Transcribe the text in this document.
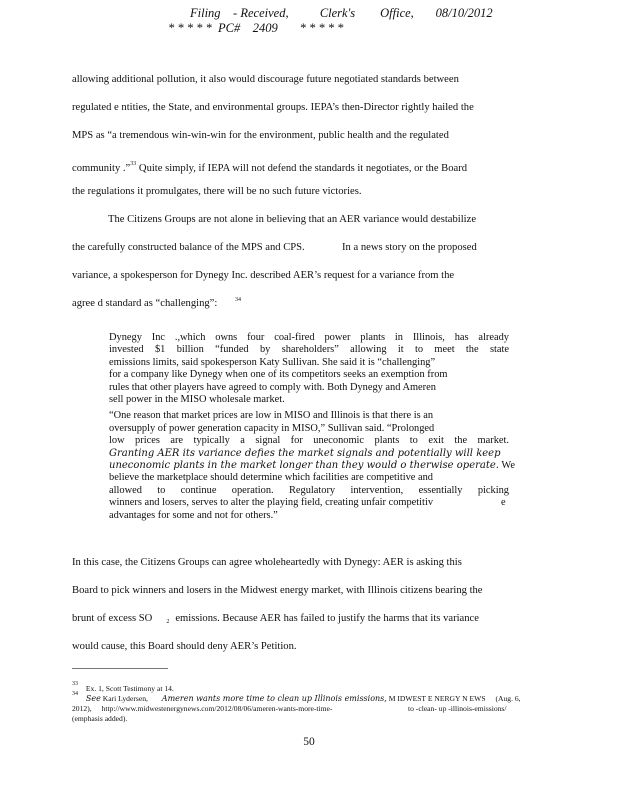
Filing    - Received,          Clerk's        Office,       08/10/2012
* * * * *  PC#    2409       * * * * *
allowing additional pollution, it also would discourage future negotiated standards between
regulated e ntities, the State, and environmental groups. IEPA’s then-Director rightly hailed the
MPS as “a tremendous win-win-win for the environment, public health and the regulated
community .”$^{33}$ Quite simply, if IEPA will not defend the standards it negotiates, or the Board
the regulations it promulgates, there will be no such future victories.
The Citizens Groups are not alone in believing that an AER variance would destabilize
the carefully constructed balance of the MPS and CPS.	In a news story on the proposed
variance, a spokesperson for Dynegy Inc. described AER’s request for a variance from the
agree d standard as “challenging”:	34
Dynegy Inc .,which owns four coal-fired power plants in Illinois, has already
invested $1 billion “funded by shareholders” allowing it to meet the state
emissions limits, said spokesperson Katy Sullivan. She said it is “challenging”
for a company like Dynegy when one of its competitors seeks an exemption from
rules that other players have agreed to comply with. Both Dynegy and Ameren
sell power in the MISO wholesale market.
“One reason that market prices are low in MISO and Illinois is that there is an
oversupply of power generation capacity in MISO,” Sullivan said. “Prolonged
low prices are typically a signal for uneconomic plants to exit the market.
Granting AER its variance defies the market signals and potentially will keep
uneconomic plants in the market longer than they would o therwise operate. We
believe the marketplace should determine which facilities are competitive and
allowed to continue operation. Regulatory intervention, essentially picking
winners and losers, serves to alter the playing field, creating unfair competitiv	e
advantages for some and not for others.”
In this case, the Citizens Groups can agree wholeheartedly with Dynegy: AER is asking this
Board to pick winners and losers in the Midwest energy market, with Illinois citizens bearing the
brunt of excess SO $_2$ emissions. Because AER has failed to justify the harms that its variance
would cause, this Board should deny AER’s Petition.
$^{33}$ Ex. 1, Scott Testimony at 14.
$^{34}$ See Kari Lydersen, Ameren wants more time to clean up Illinois emissions, M IDWEST E NERGY N EWS (Aug. 6,
2012), http://www.midwestenergynews.com/2012/08/06/ameren-wants-more-time-	to -clean- up -illinois-emissions/
(emphasis added).
50
